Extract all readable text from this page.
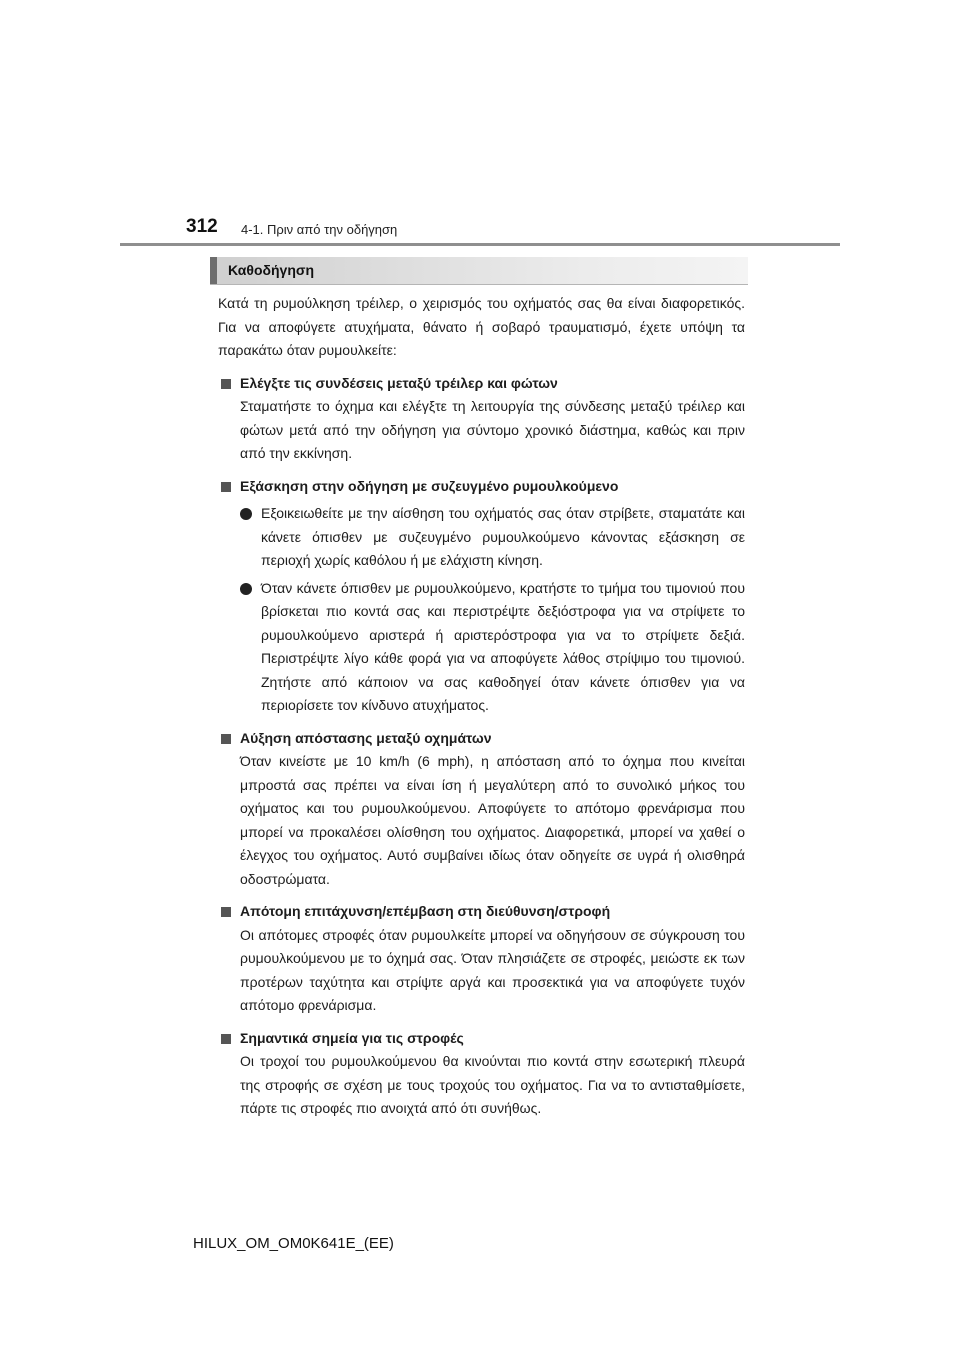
312 4-1. Πριν από την οδήγηση
Καθοδήγηση

Κατά τη ρυμούλκηση τρέιλερ, ο χειρισμός του οχήματός σας θα είναι διαφορετικός. Για να αποφύγετε ατυχήματα, θάνατο ή σοβαρό τραυματισμό, έχετε υπόψη τα παρακάτω όταν ρυμουλκείτε:

Ελέγξτε τις συνδέσεις μεταξύ τρέιλερ και φώτων

Σταματήστε το όχημα και ελέγξτε τη λειτουργία της σύνδεσης μεταξύ τρέιλερ και φώτων μετά από την οδήγηση για σύντομο χρονικό διάστημα, καθώς και πριν από την εκκίνηση.

Εξάσκηση στην οδήγηση με συζευγμένο ρυμουλκούμενο

Εξοικειωθείτε με την αίσθηση του οχήματός σας όταν στρίβετε, σταματάτε και κάνετε όπισθεν με συζευγμένο ρυμουλκούμενο κάνοντας εξάσκηση σε περιοχή χωρίς καθόλου ή με ελάχιστη κίνηση.

Όταν κάνετε όπισθεν με ρυμουλκούμενο, κρατήστε το τμήμα του τιμονιού που βρίσκεται πιο κοντά σας και περιστρέψτε δεξιόστροφα για να στρίψετε το ρυμουλκούμενο αριστερά ή αριστερόστροφα για να το στρίψετε δεξιά. Περιστρέψτε λίγο κάθε φορά για να αποφύγετε λάθος στρίψιμο του τιμονιού. Ζητήστε από κάποιον να σας καθοδηγεί όταν κάνετε όπισθεν για να περιορίσετε τον κίνδυνο ατυχήματος.

Αύξηση απόστασης μεταξύ οχημάτων

Όταν κινείστε με 10 km/h (6 mph), η απόσταση από το όχημα που κινείται μπροστά σας πρέπει να είναι ίση ή μεγαλύτερη από το συνολικό μήκος του οχήματος και του ρυμουλκούμενου. Αποφύγετε το απότομο φρενάρισμα που μπορεί να προκαλέσει ολίσθηση του οχήματος. Διαφορετικά, μπορεί να χαθεί ο έλεγχος του οχήματος. Αυτό συμβαίνει ιδίως όταν οδηγείτε σε υγρά ή ολισθηρά οδοστρώματα.

Απότομη επιτάχυνση/επέμβαση στη διεύθυνση/στροφή

Οι απότομες στροφές όταν ρυμουλκείτε μπορεί να οδηγήσουν σε σύγκρουση του ρυμουλκούμενου με το όχημά σας. Όταν πλησιάζετε σε στροφές, μειώστε εκ των προτέρων ταχύτητα και στρίψτε αργά και προσεκτικά για να αποφύγετε τυχόν απότομο φρενάρισμα.

Σημαντικά σημεία για τις στροφές

Οι τροχοί του ρυμουλκούμενου θα κινούνται πιο κοντά στην εσωτερική πλευρά της στροφής σε σχέση με τους τροχούς του οχήματος. Για να το αντισταθμίσετε, πάρτε τις στροφές πιο ανοιχτά από ότι συνήθως.

HILUX_OM_OM0K641E_(EE)
